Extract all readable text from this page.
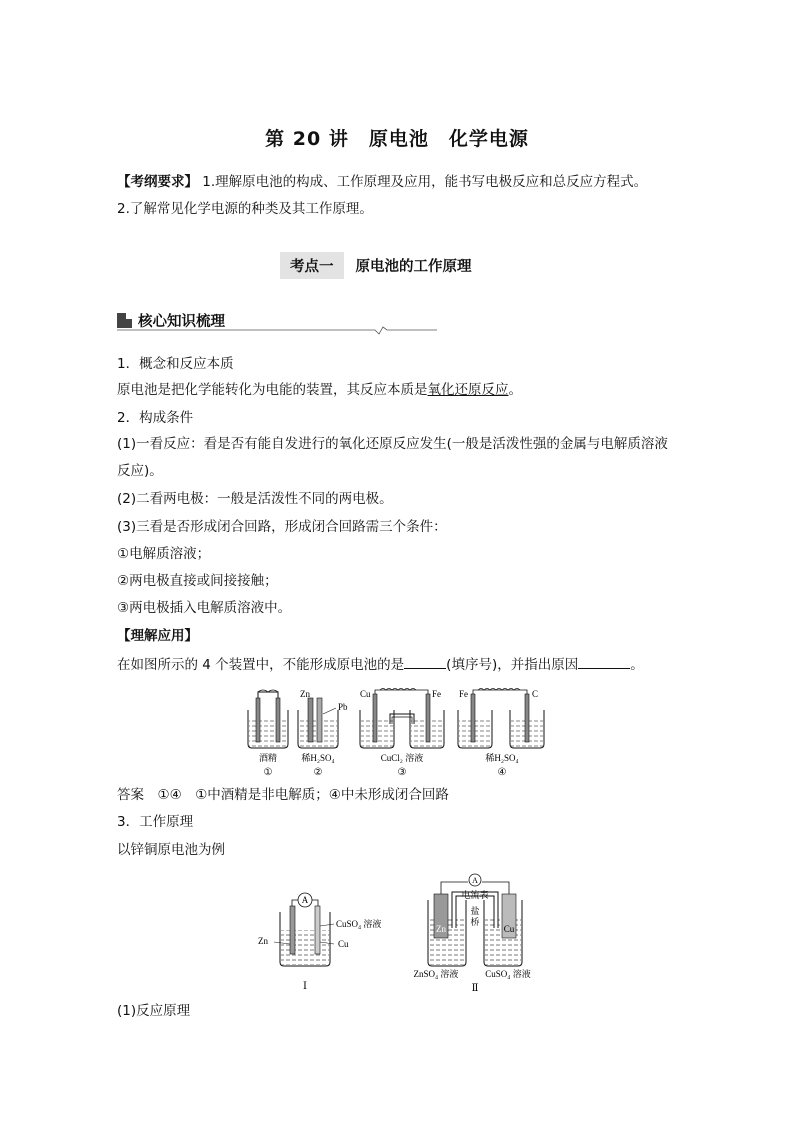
第 20 讲　原电池　化学电源
【考纲要求】 1.理解原电池的构成、工作原理及应用，能书写电极反应和总反应方程式。
2.了解常见化学电源的种类及其工作原理。
考点一	原电池的工作原理
核心知识梳理
1．概念和反应本质
原电池是把化学能转化为电能的装置，其反应本质是氧化还原反应。
2．构成条件
(1)一看反应：看是否有能自发进行的氧化还原反应发生(一般是活泼性强的金属与电解质溶液
反应)。
(2)二看两电极：一般是活泼性不同的两电极。
(3)三看是否形成闭合回路，形成闭合回路需三个条件：
①电解质溶液；
②两电极直接或间接接触；
③两电极插入电解质溶液中。
【理解应用】
在如图所示的 4 个装置中，不能形成原电池的是	(填序号)，并指出原因	。
酒精
①
Zn
Pb
稀H₂SO₄
②
Cu	Fe
CuCl₂ 溶液
③
Fe	C
稀H₂SO₄
④
答案　①④　①中酒精是非电解质；④中未形成闭合回路
3．工作原理
以锌铜原电池为例
A
CuSO₄ 溶液
Cu
Zn
Ⅰ
A
电流表
盐
桥
Zn	Cu
ZnSO₄ 溶液	CuSO₄ 溶液
Ⅱ
(1)反应原理
